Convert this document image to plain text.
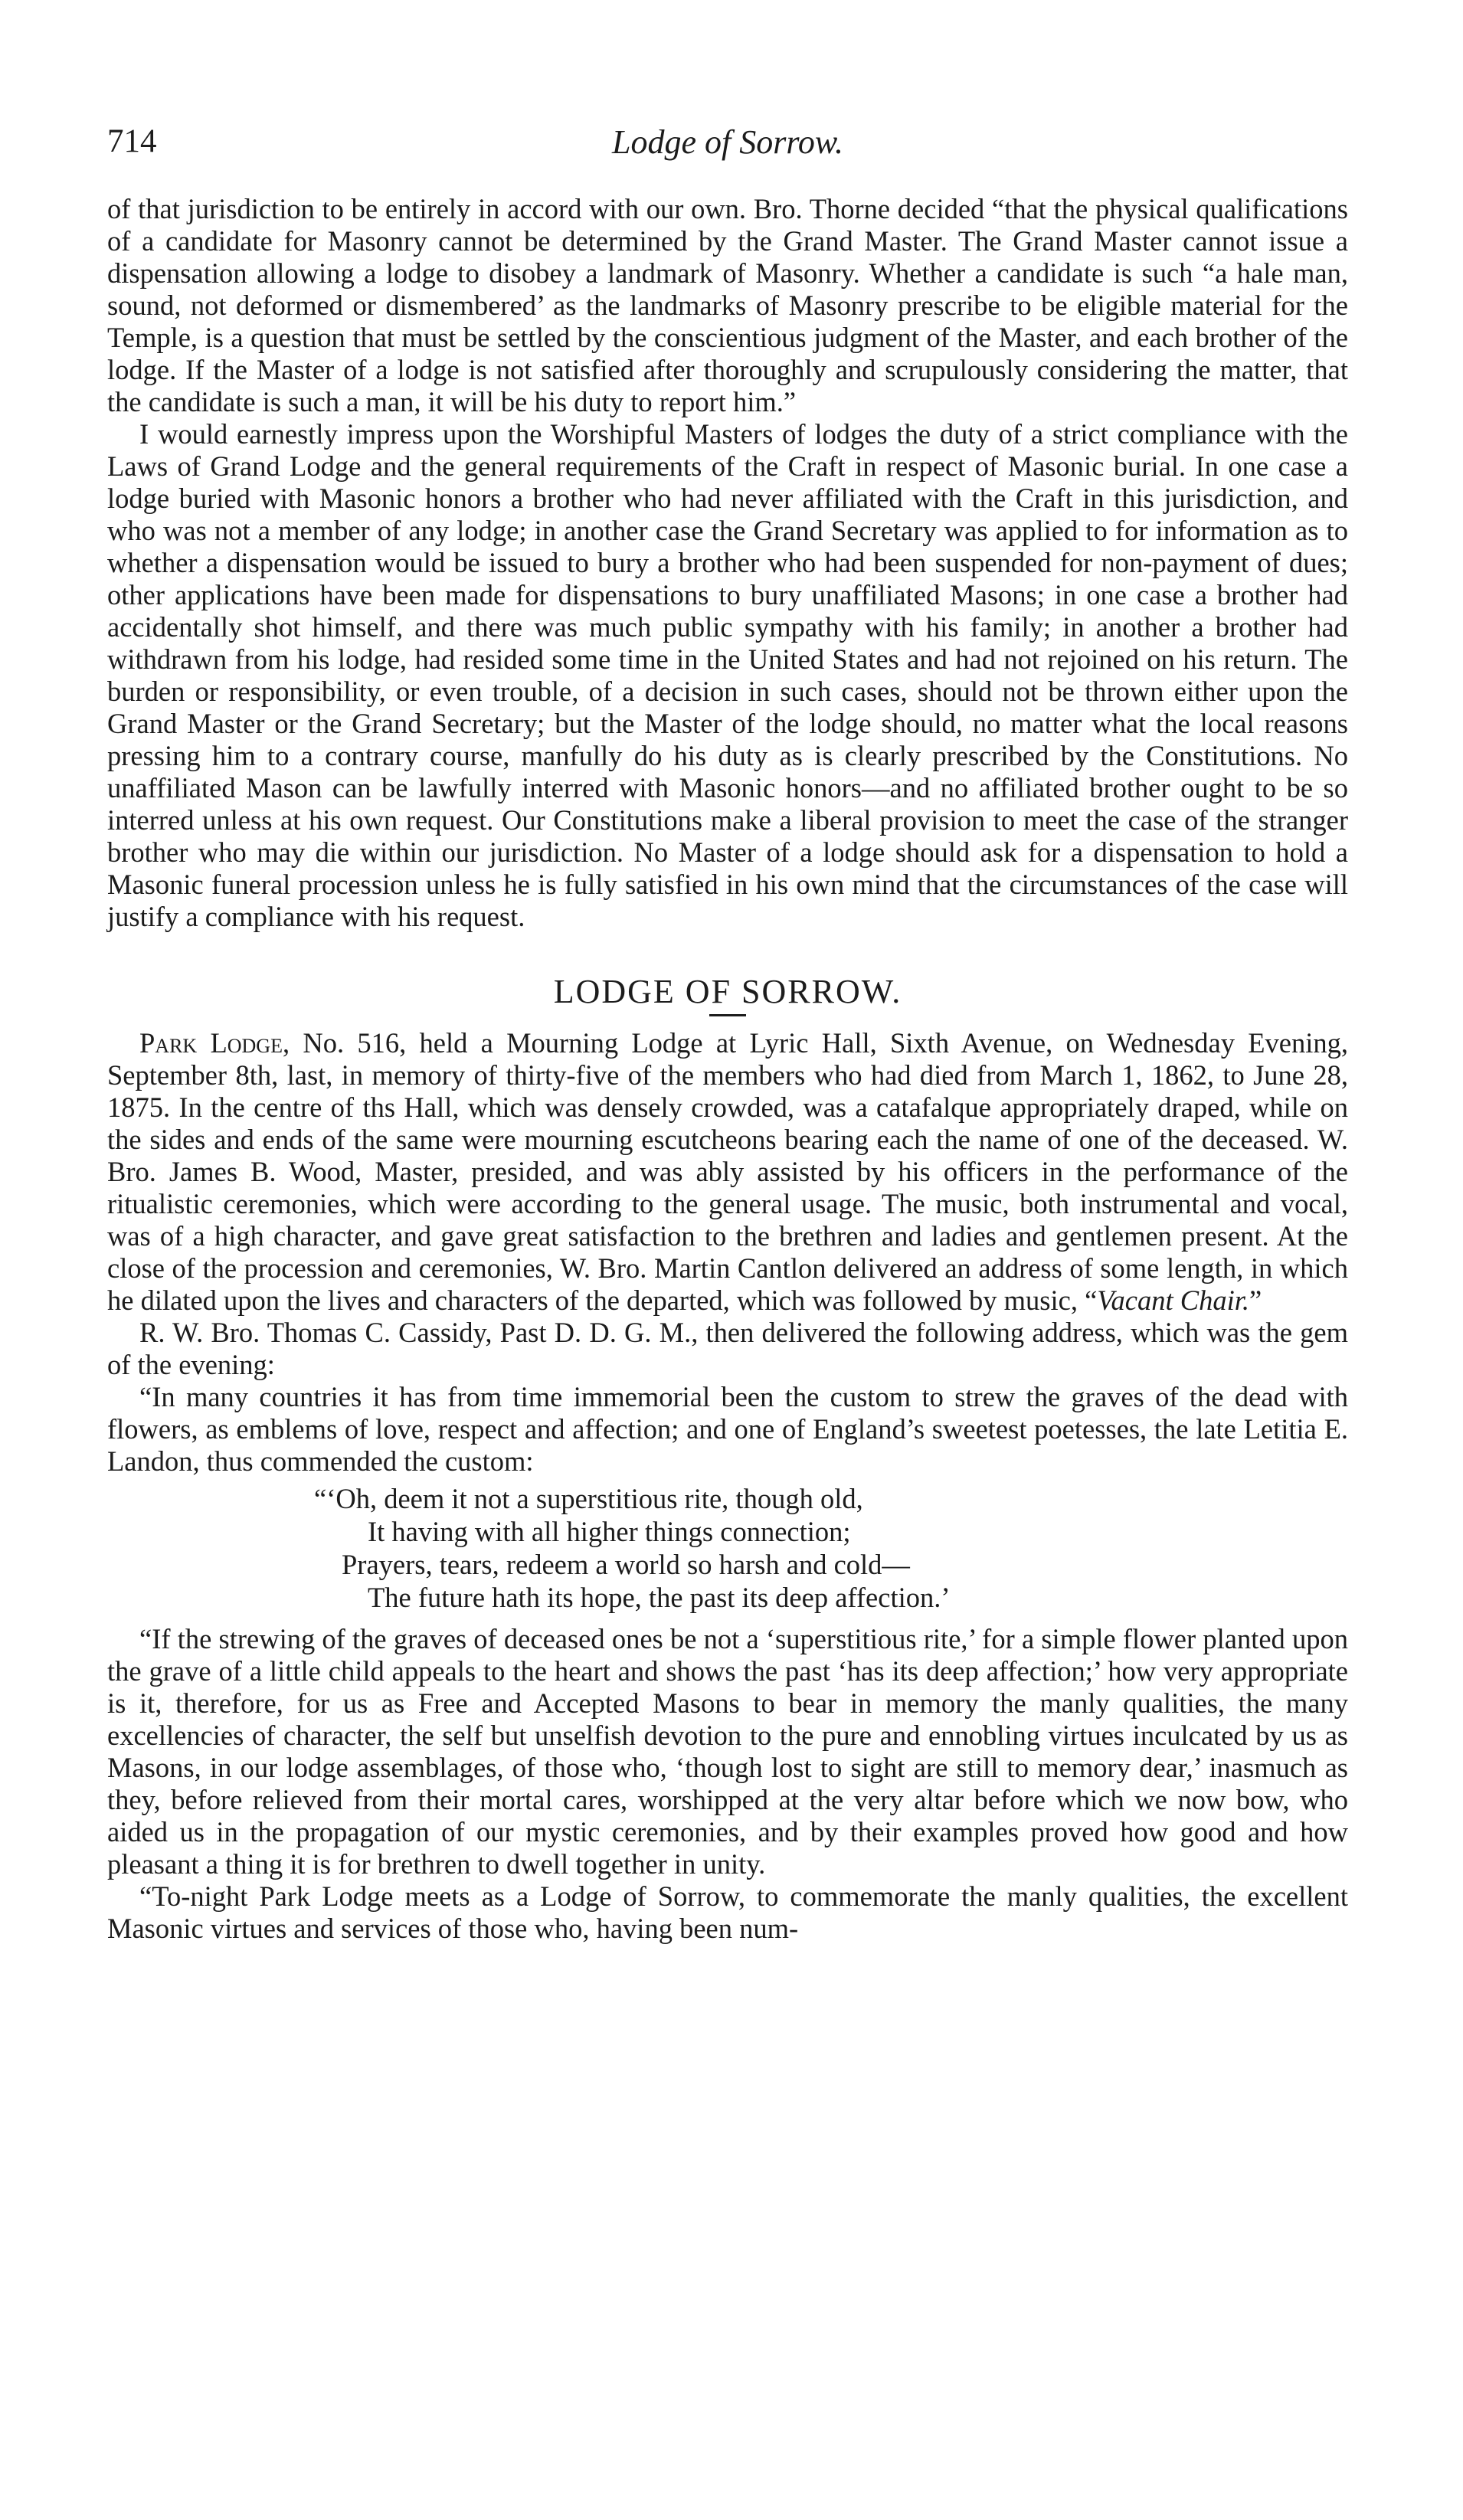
714	Lodge of Sorrow.

of that jurisdiction to be entirely in accord with our own. Bro. Thorne decided “that the physical qualifications of a candidate for Masonry cannot be determined by the Grand Master. The Grand Master cannot issue a dispensation allowing a lodge to disobey a landmark of Masonry. Whether a candidate is such “a hale man, sound, not deformed or dismembered’ as the landmarks of Masonry prescribe to be eligible material for the Temple, is a question that must be settled by the conscientious judgment of the Master, and each brother of the lodge. If the Master of a lodge is not satisfied after thoroughly and scrupulously considering the matter, that the candidate is such a man, it will be his duty to report him.”

I would earnestly impress upon the Worshipful Masters of lodges the duty of a strict compliance with the Laws of Grand Lodge and the general requirements of the Craft in respect of Masonic burial. In one case a lodge buried with Masonic honors a brother who had never affiliated with the Craft in this jurisdiction, and who was not a member of any lodge; in another case the Grand Secretary was applied to for information as to whether a dispensation would be issued to bury a brother who had been suspended for non-payment of dues; other applications have been made for dispensations to bury unaffiliated Masons; in one case a brother had accidentally shot himself, and there was much public sympathy with his family; in another a brother had withdrawn from his lodge, had resided some time in the United States and had not rejoined on his return. The burden or responsibility, or even trouble, of a decision in such cases, should not be thrown either upon the Grand Master or the Grand Secretary; but the Master of the lodge should, no matter what the local reasons pressing him to a contrary course, manfully do his duty as is clearly prescribed by the Constitutions. No unaffiliated Mason can be lawfully interred with Masonic honors—and no affiliated brother ought to be so interred unless at his own request. Our Constitutions make a liberal provision to meet the case of the stranger brother who may die within our jurisdiction. No Master of a lodge should ask for a dispensation to hold a Masonic funeral procession unless he is fully satisfied in his own mind that the circumstances of the case will justify a compliance with his request.

LODGE OF SORROW.

Park Lodge, No. 516, held a Mourning Lodge at Lyric Hall, Sixth Avenue, on Wednesday Evening, September 8th, last, in memory of thirty-five of the members who had died from March 1, 1862, to June 28, 1875. In the centre of ths Hall, which was densely crowded, was a catafalque appropriately draped, while on the sides and ends of the same were mourning escutcheons bearing each the name of one of the deceased. W. Bro. James B. Wood, Master, presided, and was ably assisted by his officers in the performance of the ritualistic ceremonies, which were according to the general usage. The music, both instrumental and vocal, was of a high character, and gave great satisfaction to the brethren and ladies and gentlemen present. At the close of the procession and ceremonies, W. Bro. Martin Cantlon delivered an address of some length, in which he dilated upon the lives and characters of the departed, which was followed by music, “Vacant Chair.”

R. W. Bro. Thomas C. Cassidy, Past D. D. G. M., then delivered the following address, which was the gem of the evening:

“In many countries it has from time immemorial been the custom to strew the graves of the dead with flowers, as emblems of love, respect and affection; and one of England’s sweetest poetesses, the late Letitia E. Landon, thus commended the custom:

“‘Oh, deem it not a superstitious rite, though old,
It having with all higher things connection;
Prayers, tears, redeem a world so harsh and cold—
The future hath its hope, the past its deep affection.’

“If the strewing of the graves of deceased ones be not a ‘superstitious rite,’ for a simple flower planted upon the grave of a little child appeals to the heart and shows the past ‘has its deep affection;’ how very appropriate is it, therefore, for us as Free and Accepted Masons to bear in memory the manly qualities, the many excellencies of character, the self but unselfish devotion to the pure and ennobling virtues inculcated by us as Masons, in our lodge assemblages, of those who, ‘though lost to sight are still to memory dear,’ inasmuch as they, before relieved from their mortal cares, worshipped at the very altar before which we now bow, who aided us in the propagation of our mystic ceremonies, and by their examples proved how good and how pleasant a thing it is for brethren to dwell together in unity.

“To-night Park Lodge meets as a Lodge of Sorrow, to commemorate the manly qualities, the excellent Masonic virtues and services of those who, having been num-
